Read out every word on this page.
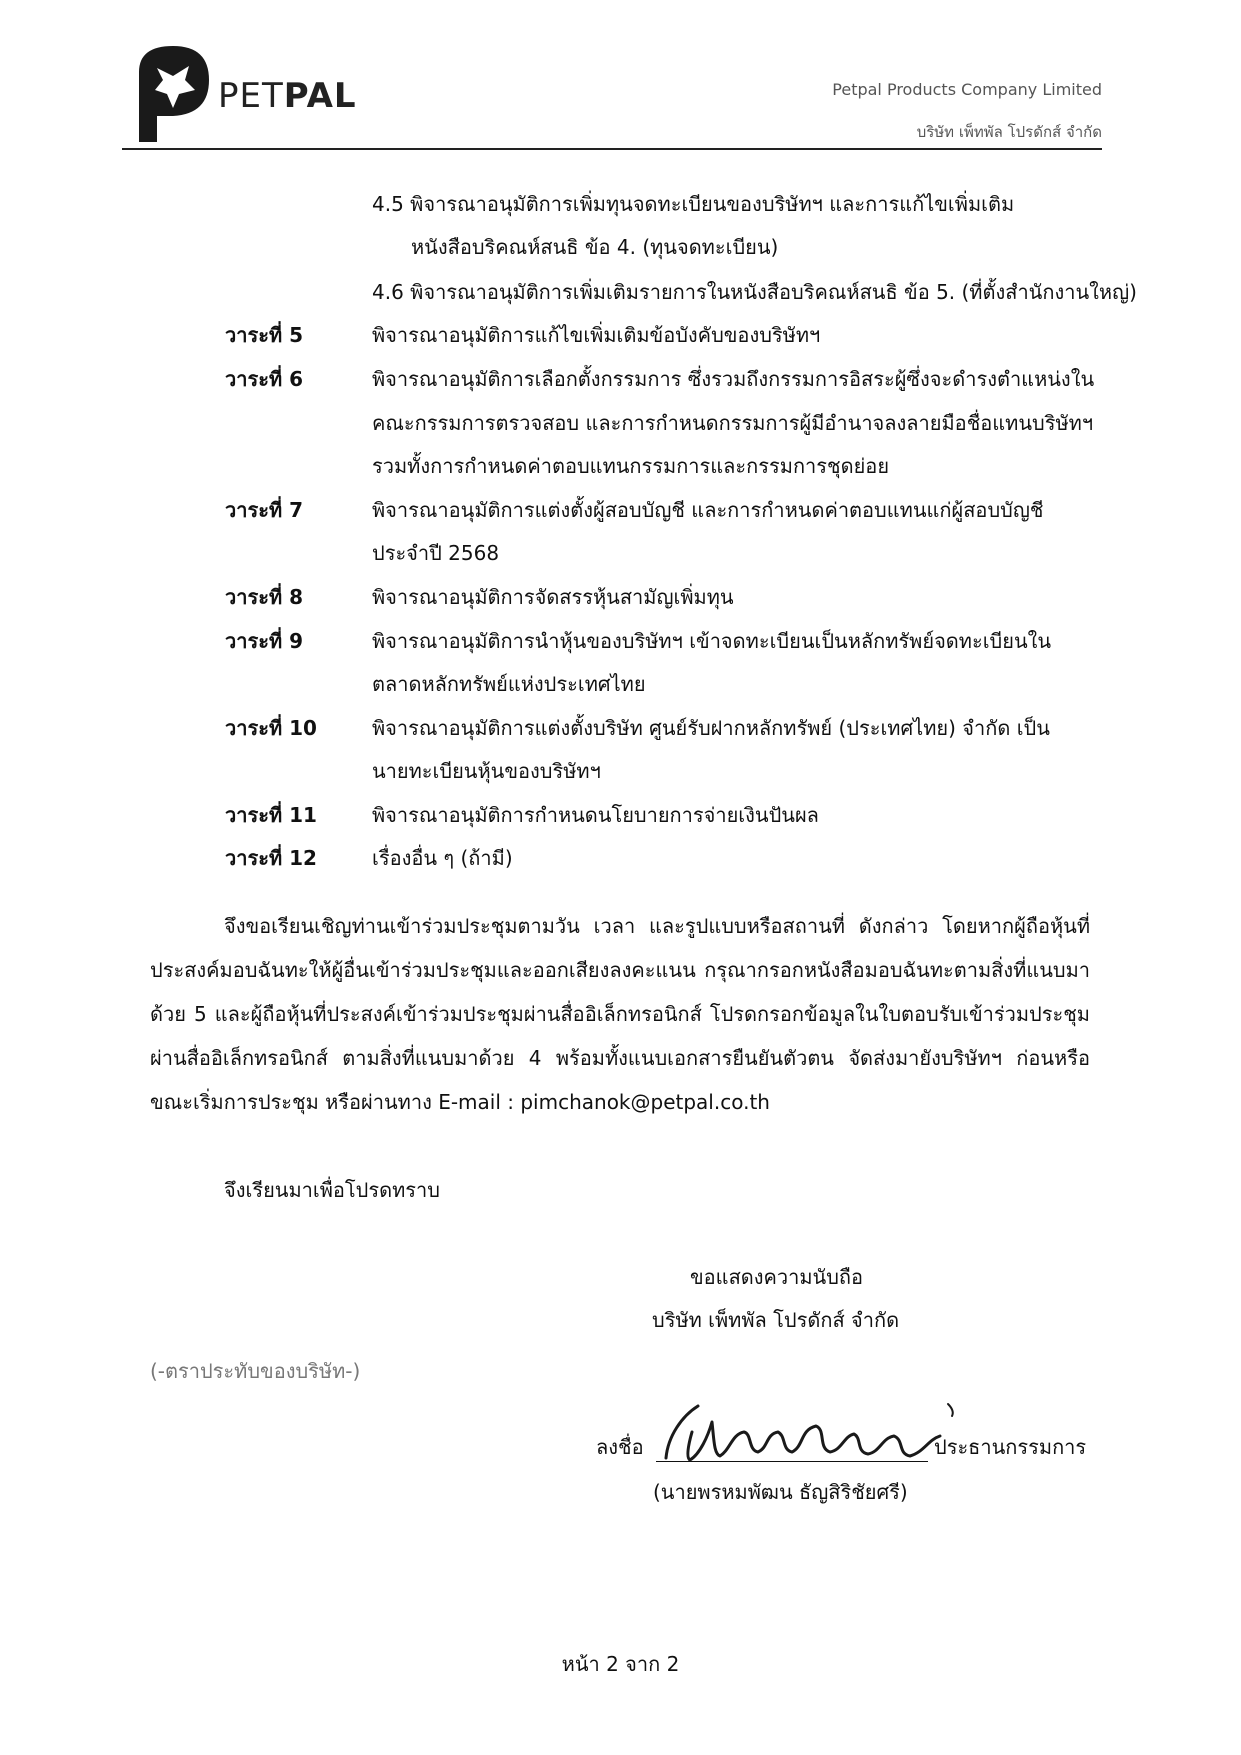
PETPAL	Petpal Products Company Limited
บริษัท เพ็ทพัล โปรดักส์ จำกัด
4.5 พิจารณาอนุมัติการเพิ่มทุนจดทะเบียนของบริษัทฯ และการแก้ไขเพิ่มเติม
หนังสือบริคณห์สนธิ ข้อ 4. (ทุนจดทะเบียน)
4.6 พิจารณาอนุมัติการเพิ่มเติมรายการในหนังสือบริคณห์สนธิ ข้อ 5. (ที่ตั้งสำนักงานใหญ่)
วาระที่ 5	พิจารณาอนุมัติการแก้ไขเพิ่มเติมข้อบังคับของบริษัทฯ
วาระที่ 6	พิจารณาอนุมัติการเลือกตั้งกรรมการ ซึ่งรวมถึงกรรมการอิสระผู้ซึ่งจะดำรงตำแหน่งใน
คณะกรรมการตรวจสอบ และการกำหนดกรรมการผู้มีอำนาจลงลายมือชื่อแทนบริษัทฯ
รวมทั้งการกำหนดค่าตอบแทนกรรมการและกรรมการชุดย่อย
วาระที่ 7	พิจารณาอนุมัติการแต่งตั้งผู้สอบบัญชี และการกำหนดค่าตอบแทนแก่ผู้สอบบัญชี
ประจำปี 2568
วาระที่ 8	พิจารณาอนุมัติการจัดสรรหุ้นสามัญเพิ่มทุน
วาระที่ 9	พิจารณาอนุมัติการนำหุ้นของบริษัทฯ เข้าจดทะเบียนเป็นหลักทรัพย์จดทะเบียนใน
ตลาดหลักทรัพย์แห่งประเทศไทย
วาระที่ 10	พิจารณาอนุมัติการแต่งตั้งบริษัท ศูนย์รับฝากหลักทรัพย์ (ประเทศไทย) จำกัด เป็น
นายทะเบียนหุ้นของบริษัทฯ
วาระที่ 11	พิจารณาอนุมัติการกำหนดนโยบายการจ่ายเงินปันผล
วาระที่ 12	เรื่องอื่น ๆ (ถ้ามี)
จึงขอเรียนเชิญท่านเข้าร่วมประชุมตามวัน เวลา และรูปแบบหรือสถานที่ ดังกล่าว โดยหากผู้ถือหุ้นที่ประสงค์มอบฉันทะให้ผู้อื่นเข้าร่วมประชุมและออกเสียงลงคะแนน กรุณากรอกหนังสือมอบฉันทะตามสิ่งที่แนบมาด้วย 5 และผู้ถือหุ้นที่ประสงค์เข้าร่วมประชุมผ่านสื่ออิเล็กทรอนิกส์ โปรดกรอกข้อมูลในใบตอบรับเข้าร่วมประชุมผ่านสื่ออิเล็กทรอนิกส์ ตามสิ่งที่แนบมาด้วย 4 พร้อมทั้งแนบเอกสารยืนยันตัวตน จัดส่งมายังบริษัทฯ ก่อนหรือขณะเริ่มการประชุม หรือผ่านทาง E-mail : pimchanok@petpal.co.th
จึงเรียนมาเพื่อโปรดทราบ
ขอแสดงความนับถือ
บริษัท เพ็ทพัล โปรดักส์ จำกัด
(-ตราประทับของบริษัท-)
ลงชื่อ	ประธานกรรมการ
(นายพรหมพัฒน ธัญสิริชัยศรี)
หน้า 2 จาก 2
